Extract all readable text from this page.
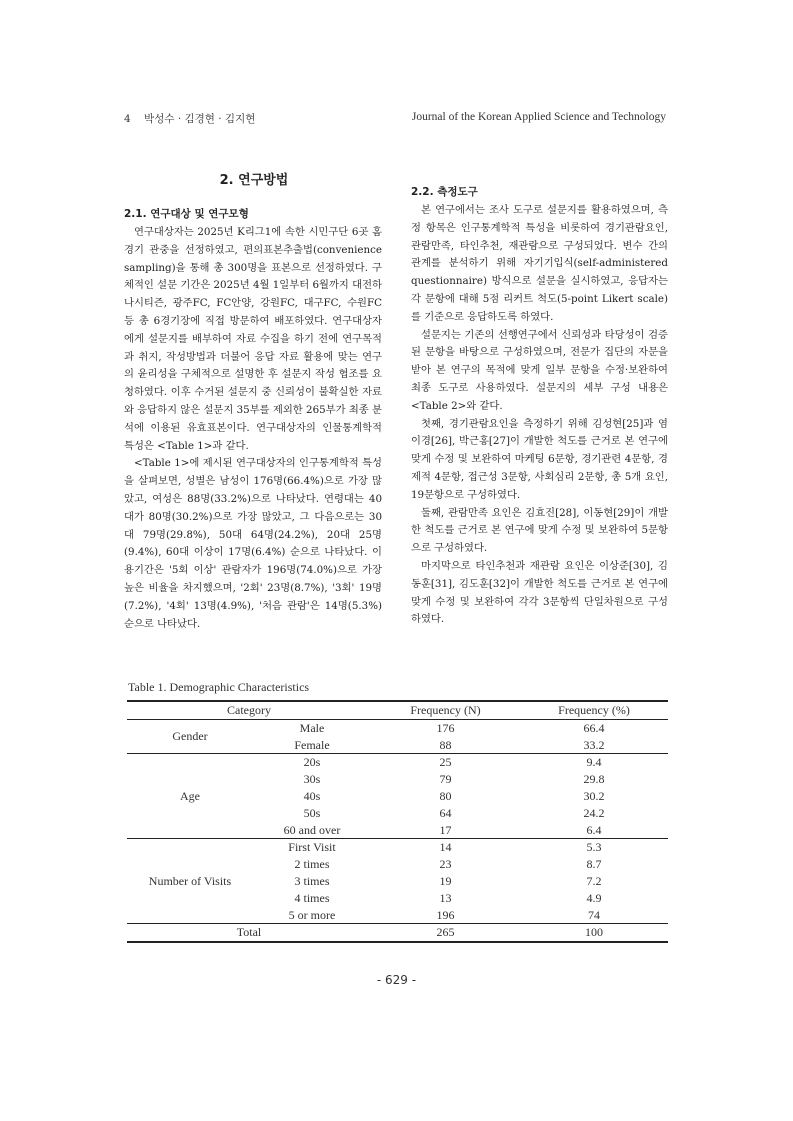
4 박성수 · 김경현 · 김지현	Journal of the Korean Applied Science and Technology
2. 연구방법
2.1. 연구대상 및 연구모형

연구대상자는 2025년 K리그1에 속한 시민구단 6곳 홈경기 관중을 선정하였고, 편의표본추출법(convenience sampling)을 통해 총 300명을 표본으로 선정하였다. 구체적인 설문 기간은 2025년 4월 1일부터 6월까지 대전하나시티즌, 광주FC, FC안양, 강원FC, 대구FC, 수원FC 등 총 6경기장에 직접 방문하여 배포하였다. 연구대상자에게 설문지를 배부하여 자료 수집을 하기 전에 연구목적과 취지, 작성방법과 더불어 응답 자료 활용에 맞는 연구의 윤리성을 구체적으로 설명한 후 설문지 작성 협조를 요청하였다. 이후 수거된 설문지 중 신뢰성이 불확실한 자료와 응답하지 않은 설문지 35부를 제외한 265부가 최종 분석에 이용된 유효표본이다. 연구대상자의 인물통계학적 특성은 <Table 1>과 같다.

<Table 1>에 제시된 연구대상자의 인구통계학적 특성을 살펴보면, 성별은 남성이 176명(66.4%)으로 가장 많았고, 여성은 88명(33.2%)으로 나타났다. 연령대는 40대가 80명(30.2%)으로 가장 많았고, 그 다음으로는 30대 79명(29.8%), 50대 64명(24.2%), 20대 25명(9.4%), 60대 이상이 17명(6.4%) 순으로 나타났다. 이용기간은 '5회 이상' 관람자가 196명(74.0%)으로 가장 높은 비율을 차지했으며, '2회' 23명(8.7%), '3회' 19명(7.2%), '4회' 13명(4.9%), '처음 관람'은 14명(5.3%) 순으로 나타났다.

2.2. 측정도구

본 연구에서는 조사 도구로 설문지를 활용하였으며, 측정 항목은 인구통계학적 특성을 비롯하여 경기관람요인, 관람만족, 타인추천, 재관람으로 구성되었다. 변수 간의 관계를 분석하기 위해 자기기입식(self-administered questionnaire) 방식으로 설문을 실시하였고, 응답자는 각 문항에 대해 5점 리커트 척도(5-point Likert scale)를 기준으로 응답하도록 하였다.

설문지는 기존의 선행연구에서 신뢰성과 타당성이 검증된 문항을 바탕으로 구성하였으며, 전문가 집단의 자문을 받아 본 연구의 목적에 맞게 일부 문항을 수정·보완하여 최종 도구로 사용하였다. 설문지의 세부 구성 내용은 <Table 2>와 같다.

첫째, 경기관람요인을 측정하기 위해 김성현[25]과 염이경[26], 박근홍[27]이 개발한 척도를 근거로 본 연구에 맞게 수정 및 보완하여 마케팅 6문항, 경기관련 4문항, 경제적 4문항, 접근성 3문항, 사회심리 2문항, 총 5개 요인, 19문항으로 구성하였다.

둘째, 관람만족 요인은 김효진[28], 이동현[29]이 개발한 척도를 근거로 본 연구에 맞게 수정 및 보완하여 5문항으로 구성하였다.

마지막으로 타인추천과 재관람 요인은 이상준[30], 김동훈[31], 김도훈[32]이 개발한 척도를 근거로 본 연구에 맞게 수정 및 보완하여 각각 3문항씩 단일차원으로 구성하였다.

Table 1. Demographic Characteristics
Category		Frequency (N)	Frequency (%)
Gender	Male	176	66.4
	Female	88	33.2
Age	20s	25	9.4
	30s	79	29.8
	40s	80	30.2
	50s	64	24.2
	60 and over	17	6.4
Number of Visits	First Visit	14	5.3
	2 times	23	8.7
	3 times	19	7.2
	4 times	13	4.9
	5 or more	196	74
Total		265	100
- 629 -
